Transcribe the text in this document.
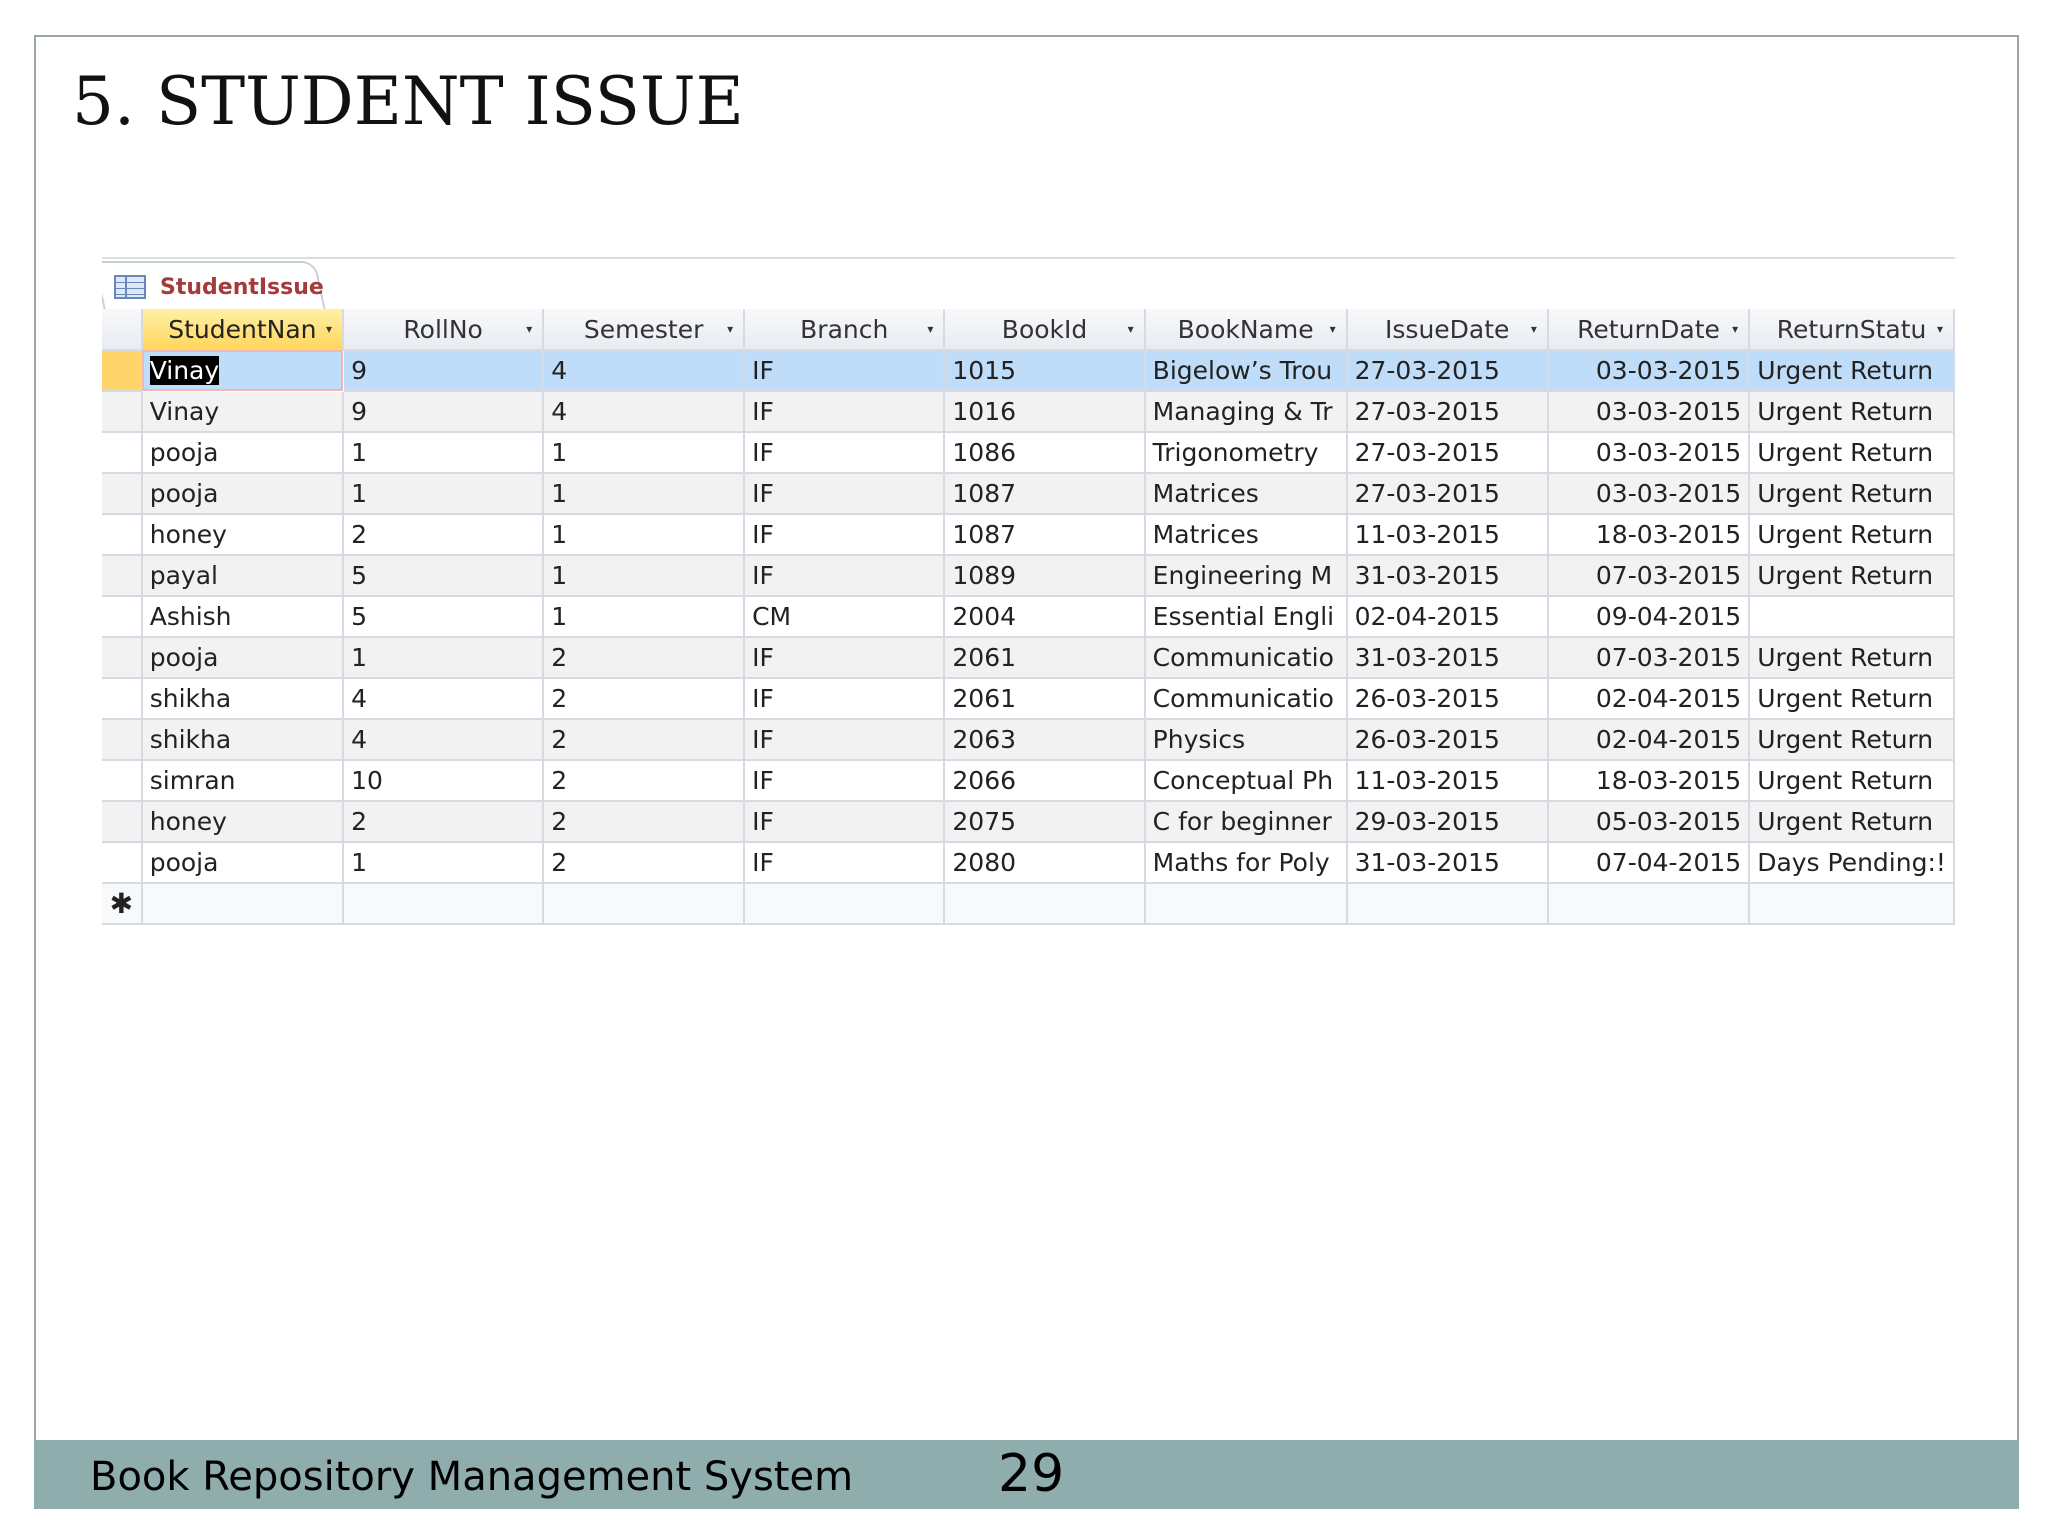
5. STUDENT ISSUE
StudentIssue
	StudentNan ▾	RollNo ▾	Semester ▾	Branch ▾	BookId ▾	BookName ▾	IssueDate ▾	ReturnDate ▾	ReturnStatu ▾

	Vinay	9	4	IF	1015	Bigelow’s Trou	27-03-2015	03-03-2015	Urgent Return
	Vinay	9	4	IF	1016	Managing & Tr	27-03-2015	03-03-2015	Urgent Return
	pooja	1	1	IF	1086	Trigonometry	27-03-2015	03-03-2015	Urgent Return
	pooja	1	1	IF	1087	Matrices	27-03-2015	03-03-2015	Urgent Return
	honey	2	1	IF	1087	Matrices	11-03-2015	18-03-2015	Urgent Return
	payal	5	1	IF	1089	Engineering M	31-03-2015	07-03-2015	Urgent Return
	Ashish	5	1	CM	2004	Essential Engli	02-04-2015	09-04-2015	
	pooja	1	2	IF	2061	Communicatio	31-03-2015	07-03-2015	Urgent Return
	shikha	4	2	IF	2061	Communicatio	26-03-2015	02-04-2015	Urgent Return
	shikha	4	2	IF	2063	Physics	26-03-2015	02-04-2015	Urgent Return
	simran	10	2	IF	2066	Conceptual Ph	11-03-2015	18-03-2015	Urgent Return
	honey	2	2	IF	2075	C for beginner	29-03-2015	05-03-2015	Urgent Return
	pooja	1	2	IF	2080	Maths for Poly	31-03-2015	07-04-2015	Days Pending:!
✱									
Book Repository Management System	29
